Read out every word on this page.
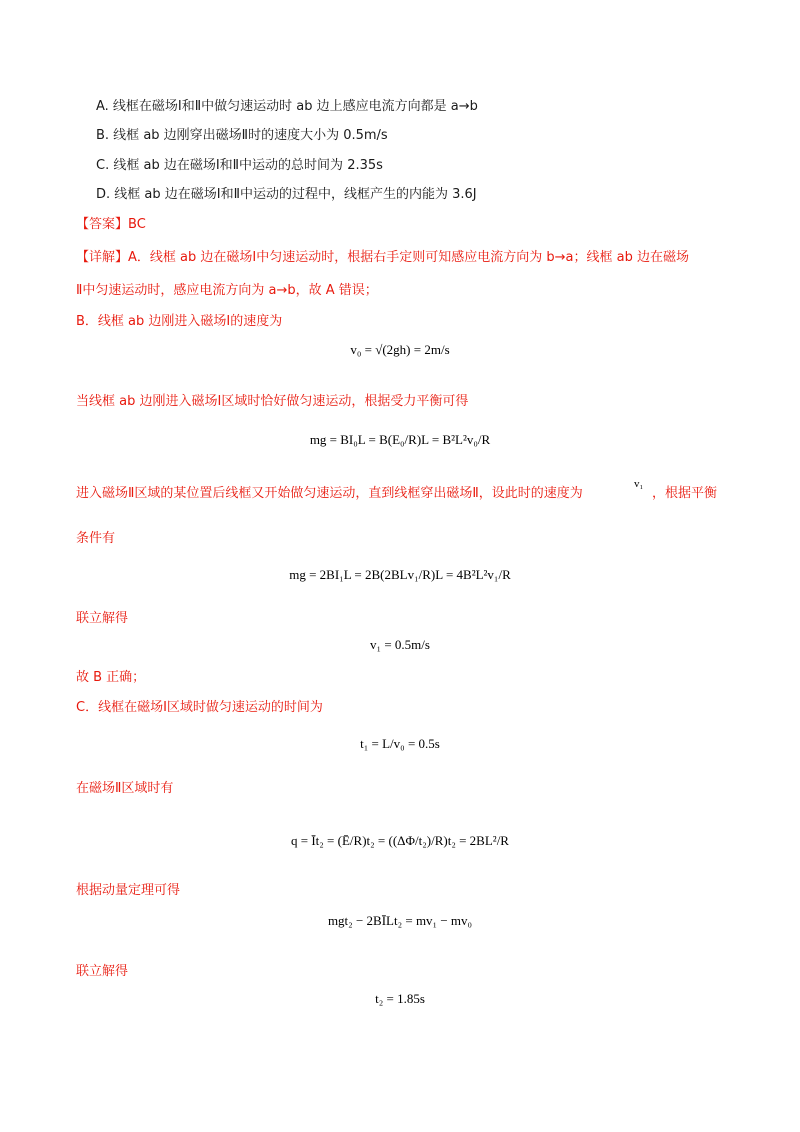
A. 线框在磁场Ⅰ和Ⅱ中做匀速运动时 ab 边上感应电流方向都是 a→b
B. 线框 ab 边刚穿出磁场Ⅱ时的速度大小为 0.5m/s
C. 线框 ab 边在磁场Ⅰ和Ⅱ中运动的总时间为 2.35s
D. 线框 ab 边在磁场Ⅰ和Ⅱ中运动的过程中，线框产生的内能为 3.6J
【答案】BC
【详解】A．线框 ab 边在磁场Ⅰ中匀速运动时，根据右手定则可知感应电流方向为 b→a；线框 ab 边在磁场
Ⅱ中匀速运动时，感应电流方向为 a→b，故 A 错误；
B．线框 ab 边刚进入磁场Ⅰ的速度为
v₀ = √(2gh) = 2m/s
当线框 ab 边刚进入磁场Ⅰ区域时恰好做匀速运动，根据受力平衡可得
mg = BI₀L = B(E₀/R)L = B²L²v₀/R
进入磁场Ⅱ区域的某位置后线框又开始做匀速运动，直到线框穿出磁场Ⅱ，设此时的速度为
v₁
，根据平衡
条件有
mg = 2BI₁L = 2B(2BLv₁/R)L = 4B²L²v₁/R
联立解得
v₁ = 0.5m/s
故 B 正确；
C．线框在磁场Ⅰ区域时做匀速运动的时间为
t₁ = L/v₀ = 0.5s
在磁场Ⅱ区域时有
q = Īt₂ = (Ē/R)t₂ = ((ΔΦ/t₂)/R)t₂ = 2BL²/R
根据动量定理可得
mgt₂ − 2BĪLt₂ = mv₁ − mv₀
联立解得
t₂ = 1.85s
